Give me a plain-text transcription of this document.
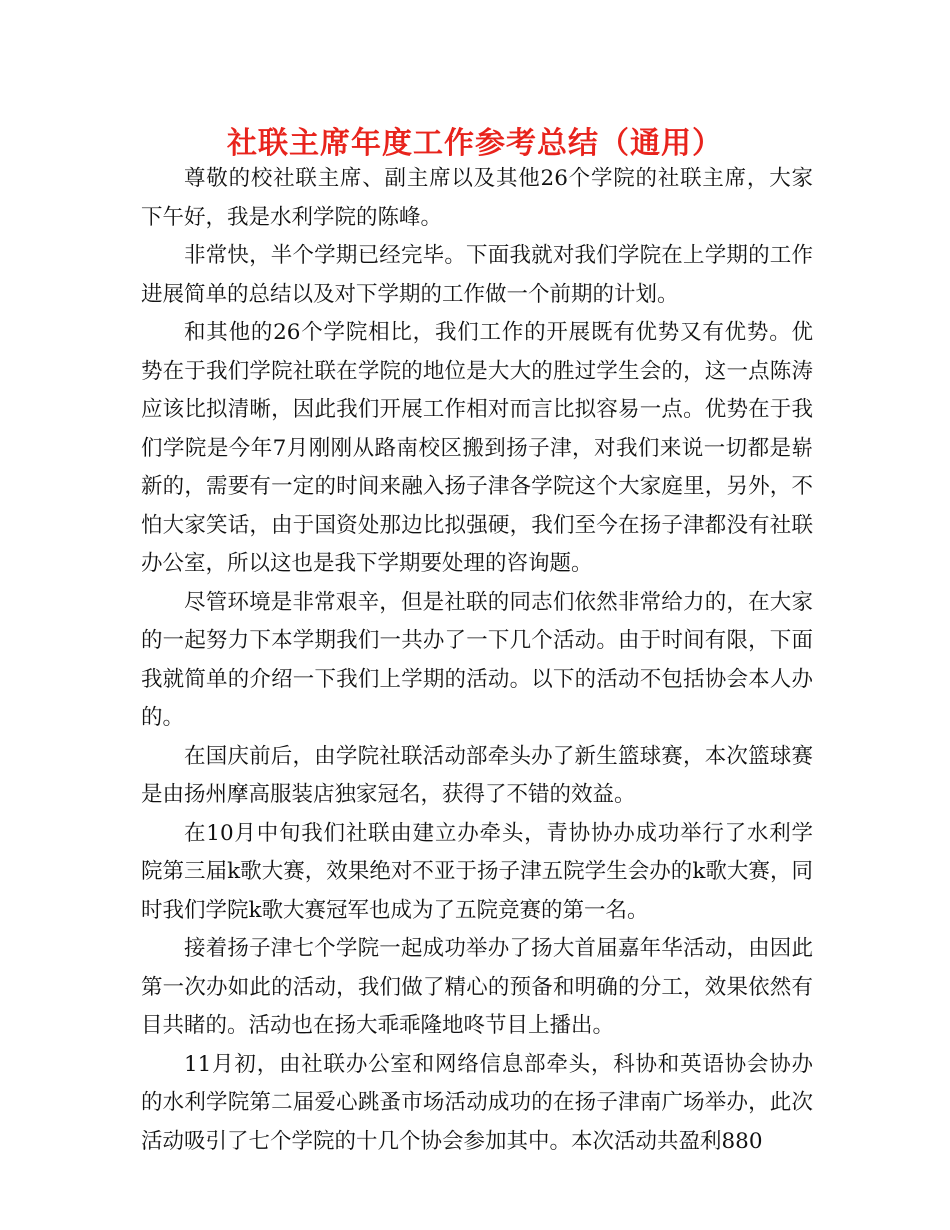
社联主席年度工作参考总结（通用）

尊敬的校社联主席、副主席以及其他26个学院的社联主席，大家下午好，我是水利学院的陈峰。

非常快，半个学期已经完毕。下面我就对我们学院在上学期的工作进展简单的总结以及对下学期的工作做一个前期的计划。

和其他的26个学院相比，我们工作的开展既有优势又有优势。优势在于我们学院社联在学院的地位是大大的胜过学生会的，这一点陈涛应该比拟清晰，因此我们开展工作相对而言比拟容易一点。优势在于我们学院是今年7月刚刚从路南校区搬到扬子津，对我们来说一切都是崭新的，需要有一定的时间来融入扬子津各学院这个大家庭里，另外，不怕大家笑话，由于国资处那边比拟强硬，我们至今在扬子津都没有社联办公室，所以这也是我下学期要处理的咨询题。

尽管环境是非常艰辛，但是社联的同志们依然非常给力的，在大家的一起努力下本学期我们一共办了一下几个活动。由于时间有限，下面我就简单的介绍一下我们上学期的活动。以下的活动不包括协会本人办的。

在国庆前后，由学院社联活动部牵头办了新生篮球赛，本次篮球赛是由扬州摩高服装店独家冠名，获得了不错的效益。

在10月中旬我们社联由建立办牵头，青协协办成功举行了水利学院第三届k歌大赛，效果绝对不亚于扬子津五院学生会办的k歌大赛，同时我们学院k歌大赛冠军也成为了五院竞赛的第一名。

接着扬子津七个学院一起成功举办了扬大首届嘉年华活动，由因此第一次办如此的活动，我们做了精心的预备和明确的分工，效果依然有目共睹的。活动也在扬大乖乖隆地咚节目上播出。

11月初，由社联办公室和网络信息部牵头，科协和英语协会协办的水利学院第二届爱心跳蚤市场活动成功的在扬子津南广场举办，此次活动吸引了七个学院的十几个协会参加其中。本次活动共盈利880
